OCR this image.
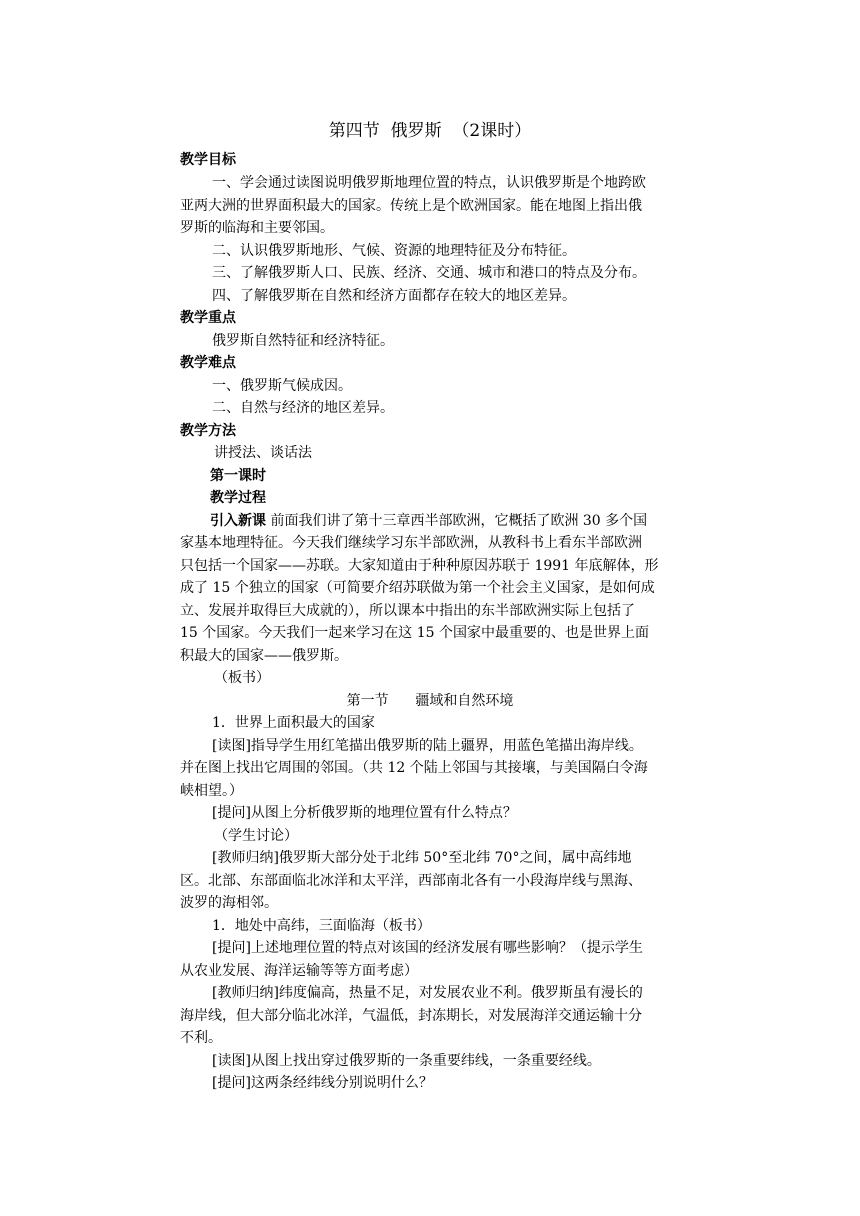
第四节  俄罗斯  （2课时）
教学目标
一、学会通过读图说明俄罗斯地理位置的特点，认识俄罗斯是个地跨欧
亚两大洲的世界面积最大的国家。传统上是个欧洲国家。能在地图上指出俄
罗斯的临海和主要邻国。
二、认识俄罗斯地形、气候、资源的地理特征及分布特征。
三、了解俄罗斯人口、民族、经济、交通、城市和港口的特点及分布。
四、了解俄罗斯在自然和经济方面都存在较大的地区差异。
教学重点
俄罗斯自然特征和经济特征。
教学难点
一、俄罗斯气候成因。
二、自然与经济的地区差异。
教学方法
讲授法、谈话法
第一课时
教学过程
引入新课 前面我们讲了第十三章西半部欧洲，它概括了欧洲 30 多个国
家基本地理特征。今天我们继续学习东半部欧洲，从教科书上看东半部欧洲
只包括一个国家——苏联。大家知道由于种种原因苏联于 1991 年底解体，形
成了 15 个独立的国家（可简要介绍苏联做为第一个社会主义国家，是如何成
立、发展并取得巨大成就的），所以课本中指出的东半部欧洲实际上包括了
15 个国家。今天我们一起来学习在这 15 个国家中最重要的、也是世界上面
积最大的国家——俄罗斯。
（板书）
第一节      疆域和自然环境
1．世界上面积最大的国家
[读图]指导学生用红笔描出俄罗斯的陆上疆界，用蓝色笔描出海岸线。
并在图上找出它周围的邻国。（共 12 个陆上邻国与其接壤，与美国隔白令海
峡相望。）
[提问]从图上分析俄罗斯的地理位置有什么特点？
（学生讨论）
[教师归纳]俄罗斯大部分处于北纬 50°至北纬 70°之间，属中高纬地
区。北部、东部面临北冰洋和太平洋，西部南北各有一小段海岸线与黑海、
波罗的海相邻。
1．地处中高纬，三面临海（板书）
[提问]上述地理位置的特点对该国的经济发展有哪些影响？（提示学生
从农业发展、海洋运输等等方面考虑）
[教师归纳]纬度偏高，热量不足，对发展农业不利。俄罗斯虽有漫长的
海岸线，但大部分临北冰洋，气温低，封冻期长，对发展海洋交通运输十分
不利。
[读图]从图上找出穿过俄罗斯的一条重要纬线，一条重要经线。
[提问]这两条经纬线分别说明什么？
